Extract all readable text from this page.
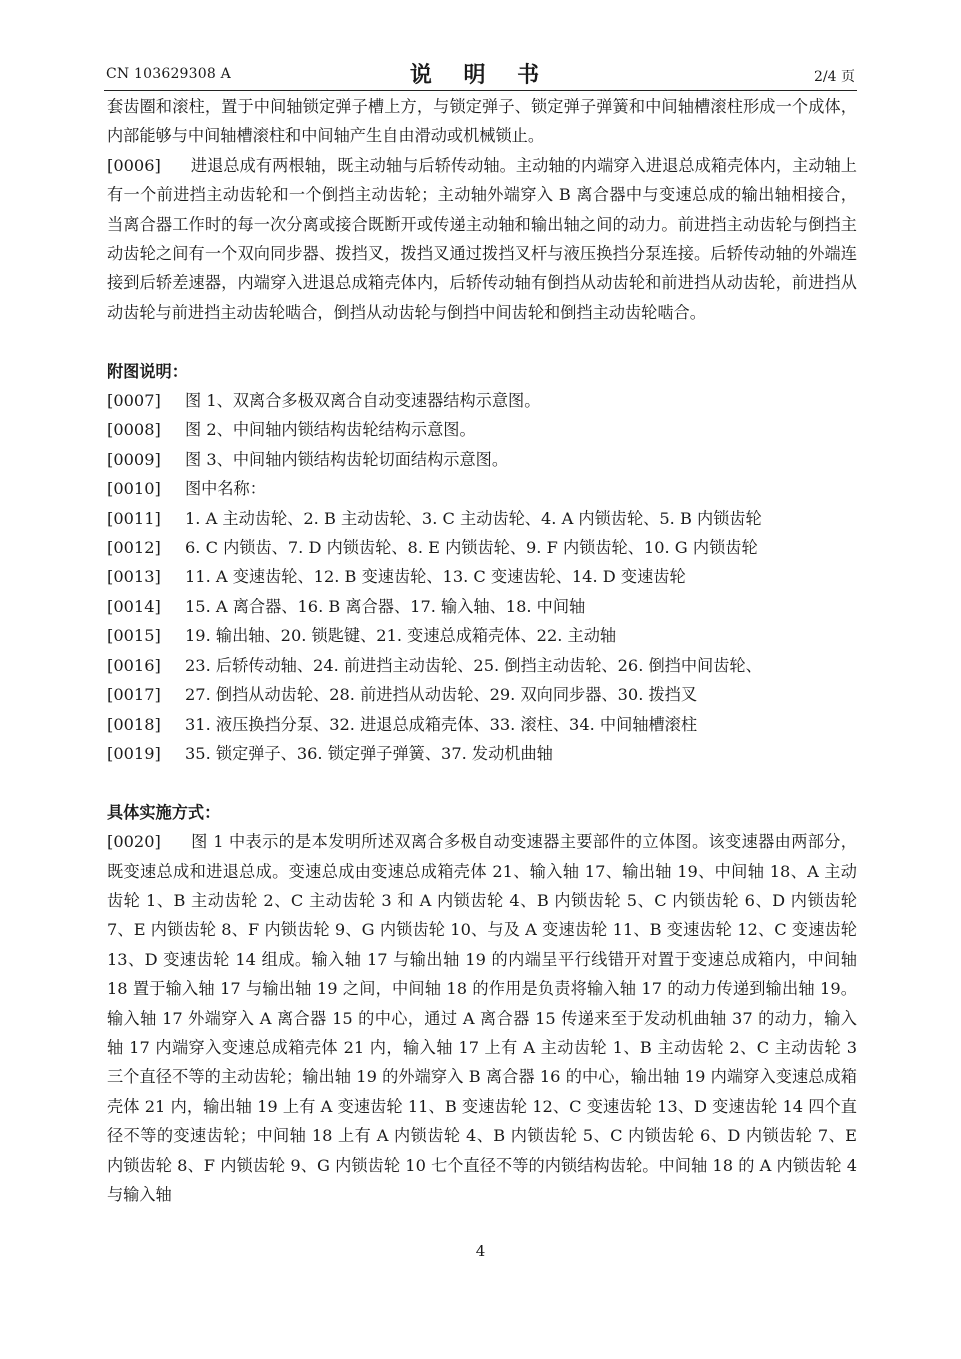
CN 103629308 A	说 明 书	2/4 页

套齿圈和滚柱，置于中间轴锁定弹子槽上方，与锁定弹子、锁定弹子弹簧和中间轴槽滚柱形成一个成体，内部能够与中间轴槽滚柱和中间轴产生自由滑动或机械锁止。

[0006] 进退总成有两根轴，既主动轴与后轿传动轴。主动轴的内端穿入进退总成箱壳体内，主动轴上有一个前进挡主动齿轮和一个倒挡主动齿轮；主动轴外端穿入 B 离合器中与变速总成的输出轴相接合，当离合器工作时的每一次分离或接合既断开或传递主动轴和输出轴之间的动力。前进挡主动齿轮与倒挡主动齿轮之间有一个双向同步器、拨挡叉，拨挡叉通过拨挡叉杆与液压换挡分泵连接。后轿传动轴的外端连接到后轿差速器，内端穿入进退总成箱壳体内，后轿传动轴有倒挡从动齿轮和前进挡从动齿轮，前进挡从动齿轮与前进挡主动齿轮啮合，倒挡从动齿轮与倒挡中间齿轮和倒挡主动齿轮啮合。

附图说明：

[0007]	图 1、双离合多极双离合自动变速器结构示意图。

[0008]	图 2、中间轴内锁结构齿轮结构示意图。

[0009]	图 3、中间轴内锁结构齿轮切面结构示意图。

[0010]	图中名称：

[0011]	1. A 主动齿轮、2. B 主动齿轮、3. C 主动齿轮、4. A 内锁齿轮、5. B 内锁齿轮

[0012]	6. C 内锁齿、7. D 内锁齿轮、8. E 内锁齿轮、9. F 内锁齿轮、10. G 内锁齿轮

[0013]	11. A 变速齿轮、12. B 变速齿轮、13. C 变速齿轮、14. D 变速齿轮

[0014]	15. A 离合器、16. B 离合器、17. 输入轴、18. 中间轴

[0015]	19. 输出轴、20. 锁匙键、21. 变速总成箱壳体、22. 主动轴

[0016]	23. 后轿传动轴、24. 前进挡主动齿轮、25. 倒挡主动齿轮、26. 倒挡中间齿轮、

[0017]	27. 倒挡从动齿轮、28. 前进挡从动齿轮、29. 双向同步器、30. 拨挡叉

[0018]	31. 液压换挡分泵、32. 进退总成箱壳体、33. 滚柱、34. 中间轴槽滚柱

[0019]	35. 锁定弹子、36. 锁定弹子弹簧、37. 发动机曲轴

具体实施方式：

[0020] 图 1 中表示的是本发明所述双离合多极自动变速器主要部件的立体图。该变速器由两部分，既变速总成和进退总成。变速总成由变速总成箱壳体 21、输入轴 17、输出轴 19、中间轴 18、A 主动齿轮 1、B 主动齿轮 2、C 主动齿轮 3 和 A 内锁齿轮 4、B 内锁齿轮 5、C 内锁齿轮 6、D 内锁齿轮 7、E 内锁齿轮 8、F 内锁齿轮 9、G 内锁齿轮 10、与及 A 变速齿轮 11、B 变速齿轮 12、C 变速齿轮 13、D 变速齿轮 14 组成。输入轴 17 与输出轴 19 的内端呈平行线错开对置于变速总成箱内，中间轴 18 置于输入轴 17 与输出轴 19 之间，中间轴 18 的作用是负责将输入轴 17 的动力传递到输出轴 19。输入轴 17 外端穿入 A 离合器 15 的中心，通过 A 离合器 15 传递来至于发动机曲轴 37 的动力，输入轴 17 内端穿入变速总成箱壳体 21 内，输入轴 17 上有 A 主动齿轮 1、B 主动齿轮 2、C 主动齿轮 3 三个直径不等的主动齿轮；输出轴 19 的外端穿入 B 离合器 16 的中心，输出轴 19 内端穿入变速总成箱壳体 21 内，输出轴 19 上有 A 变速齿轮 11、B 变速齿轮 12、C 变速齿轮 13、D 变速齿轮 14 四个直径不等的变速齿轮；中间轴 18 上有 A 内锁齿轮 4、B 内锁齿轮 5、C 内锁齿轮 6、D 内锁齿轮 7、E 内锁齿轮 8、F 内锁齿轮 9、G 内锁齿轮 10 七个直径不等的内锁结构齿轮。中间轴 18 的 A 内锁齿轮 4 与输入轴

4
